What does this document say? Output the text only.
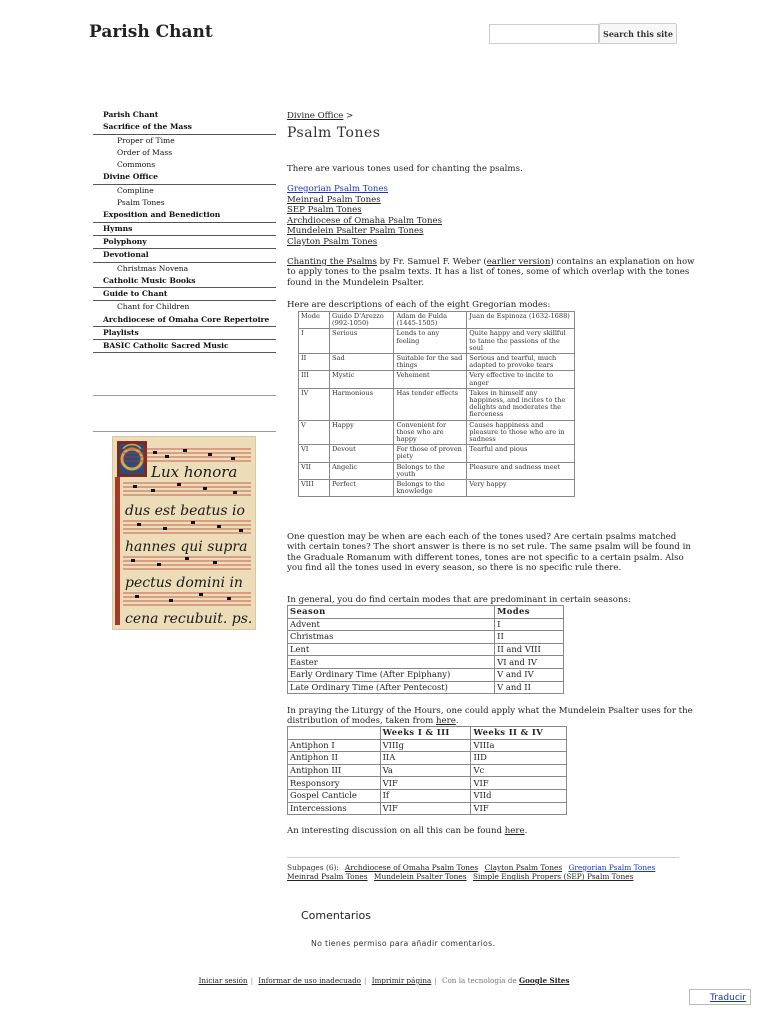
Parish Chant	Search this site
Parish Chant
Sacrifice of the Mass
Proper of Time
Order of Mass
Commons
Divine Office
Compline
Psalm Tones
Exposition and Benediction
Hymns
Polyphony
Devotional
Christmas Novena
Catholic Music Books
Guide to Chant
Chant for Children
Archdiocese of Omaha Core Repertoire
Playlists
BASIC Catholic Sacred Music
Lux honora
dus est beatus io
hannes qui supra
pectus domini in
cena recubuit. ps.
Divine Office >
Psalm Tones

There are various tones used for chanting the psalms.

Gregorian Psalm Tones
Meinrad Psalm Tones
SEP Psalm Tones
Archdiocese of Omaha Psalm Tones
Mundelein Psalter Psalm Tones
Clayton Psalm Tones

Chanting the Psalms by Fr. Samuel F. Weber (earlier version) contains an explanation on how to apply tones to the psalm texts. It has a list of tones, some of which overlap with the tones found in the Mundelein Psalter.

Here are descriptions of each of the eight Gregorian modes:

Mode	Guido D'Arezzo (992-1050)	Adam de Fulda (1445-1505)	Juan de Espinoza (1632-1688)
I	Serious	Lends to any feeling	Quite happy and very skillful to tame the passions of the soul
II	Sad	Suitable for the sad things	Serious and tearful, much adapted to provoke tears
III	Mystic	Vehement	Very effective to incite to anger
IV	Harmonious	Has tender effects	Takes in himself any happiness, and incites to the delights and moderates the fierceness
V	Happy	Convenient for those who are happy	Causes happiness and pleasure to those who are in sadness
VI	Devout	For those of proven piety	Tearful and pious
VII	Angelic	Belongs to the youth	Pleasure and sadness meet
VIII	Perfect	Belongs to the knowledge	Very happy

One question may be when are each each of the tones used? Are certain psalms matched with certain tones? The short answer is there is no set rule. The same psalm will be found in the Graduale Romanum with different tones, tones are not specific to a certain psalm. Also you find all the tones used in every season, so there is no specific rule there.

In general, you do find certain modes that are predominant in certain seasons:

Season	Modes
Advent	I
Christmas	II
Lent	II and VIII
Easter	VI and IV
Early Ordinary Time (After Epiphany)	V and IV
Late Ordinary Time (After Pentecost)	V and II

In praying the Liturgy of the Hours, one could apply what the Mundelein Psalter uses for the distribution of modes, taken from here.

	Weeks I & III	Weeks II & IV
Antiphon I	VIIIg	VIIIa
Antiphon II	IIA	IID
Antiphon III	Va	Vc
Responsory	VIF	VIF
Gospel Canticle	If	VIId
Intercessions	VIF	VIF

An interesting discussion on all this can be found here.

Subpages (6): Archdiocese of Omaha Psalm Tones Clayton Psalm Tones Gregorian Psalm Tones Meinrad Psalm Tones Mundelein Psalter Tones Simple English Propers (SEP) Psalm Tones
Comentarios
No tienes permiso para añadir comentarios.
Iniciar sesión | Informar de uso inadecuado | Imprimir página | Con la tecnología de Google Sites
Traducir
